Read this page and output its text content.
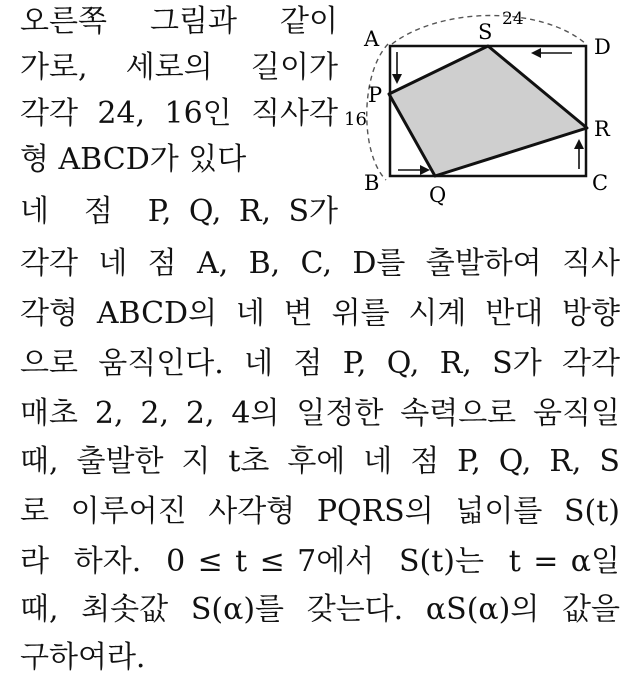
오른쪽  그림과  같이
가로, 세로의 길이가
각각 24, 16인 직사각
형 ABCD가 있다
네  점  P, Q, R, S가
각각 네 점 A, B, C, D를 출발하여 직사
각형 ABCD의 네 변 위를 시계 반대 방향
으로 움직인다. 네 점 P, Q, R, S가 각각
매초 2, 2, 2, 4의 일정한 속력으로 움직일
때, 출발한 지 t초 후에 네 점 P, Q, R, S
로 이루어진 사각형 PQRS의 넓이를 S(t)
라  하자.  0 ≤ t ≤ 7에서  S(t)는  t = α일
때, 최솟값 S(α)를 갖는다. αS(α)의 값을
구하여라.
A
B	C
D
P
Q
R
S
24
16
